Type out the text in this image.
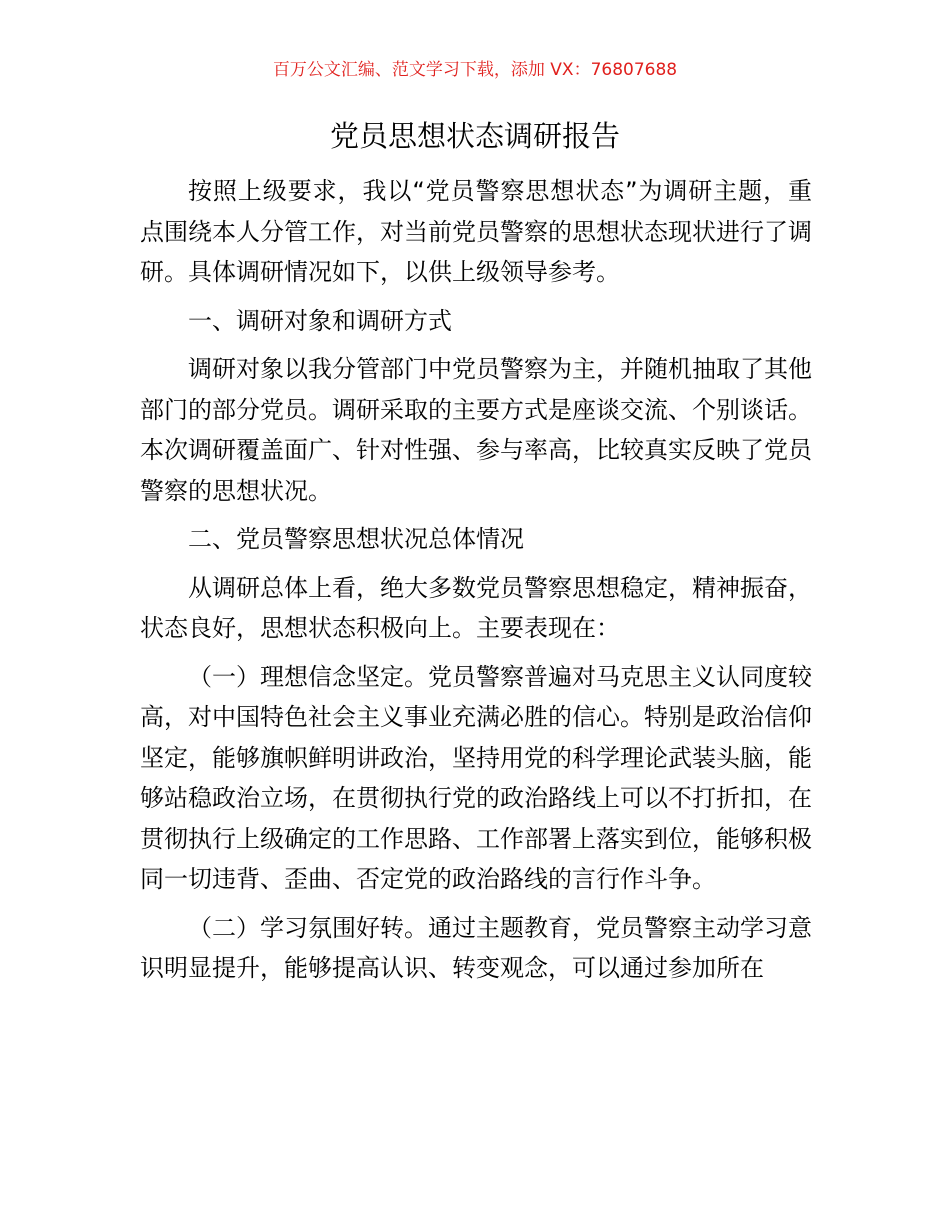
百万公文汇编、范文学习下载，添加 VX：76807688
党员思想状态调研报告

按照上级要求，我以“党员警察思想状态”为调研主题，重点围绕本人分管工作，对当前党员警察的思想状态现状进行了调研。具体调研情况如下，以供上级领导参考。

一、调研对象和调研方式

调研对象以我分管部门中党员警察为主，并随机抽取了其他部门的部分党员。调研采取的主要方式是座谈交流、个别谈话。本次调研覆盖面广、针对性强、参与率高，比较真实反映了党员警察的思想状况。

二、党员警察思想状况总体情况

从调研总体上看，绝大多数党员警察思想稳定，精神振奋，状态良好，思想状态积极向上。主要表现在：

（一）理想信念坚定。党员警察普遍对马克思主义认同度较高，对中国特色社会主义事业充满必胜的信心。特别是政治信仰坚定，能够旗帜鲜明讲政治，坚持用党的科学理论武装头脑，能够站稳政治立场，在贯彻执行党的政治路线上可以不打折扣，在贯彻执行上级确定的工作思路、工作部署上落实到位，能够积极同一切违背、歪曲、否定党的政治路线的言行作斗争。

（二）学习氛围好转。通过主题教育，党员警察主动学习意识明显提升，能够提高认识、转变观念，可以通过参加所在
